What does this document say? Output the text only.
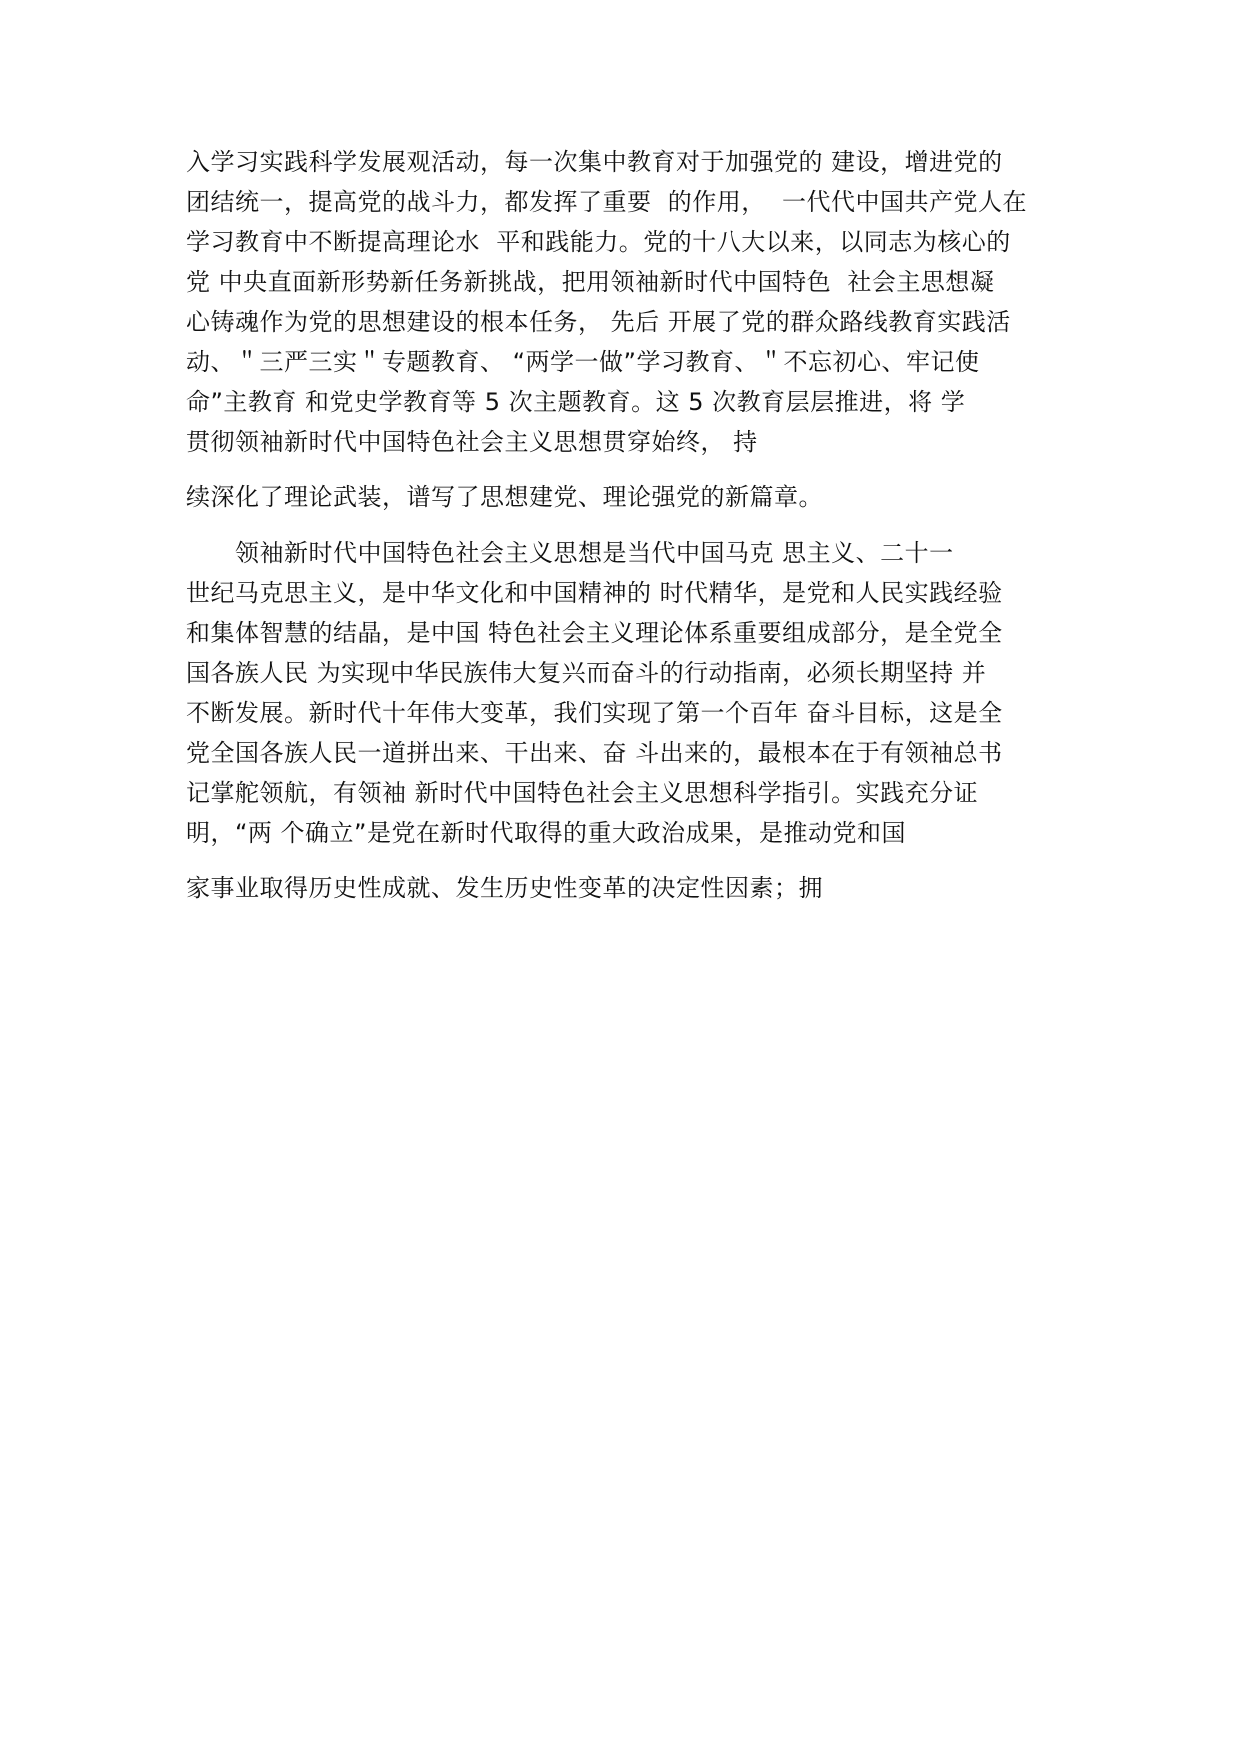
入学习实践科学发展观活动，每一次集中教育对于加强党的 建设，增进党的
团结统一，提高党的战斗力，都发挥了重要  的作用，  一代代中国共产党人在
学习教育中不断提高理论水  平和践能力。党的十八大以来，以同志为核心的
党 中央直面新形势新任务新挑战，把用领袖新时代中国特色  社会主思想凝
心铸魂作为党的思想建设的根本任务， 先后 开展了党的群众路线教育实践活
动、＂三严三实＂专题教育、 “两学一做”学习教育、＂不忘初心、牢记使
命”主教育 和党史学教育等 5 次主题教育。这 5 次教育层层推进，将 学
贯彻领袖新时代中国特色社会主义思想贯穿始终， 持
续深化了理论武装，谱写了思想建党、理论强党的新篇章。
　　领袖新时代中国特色社会主义思想是当代中国马克 思主义、二十一
世纪马克思主义，是中华文化和中国精神的 时代精华，是党和人民实践经验
和集体智慧的结晶，是中国 特色社会主义理论体系重要组成部分，是全党全
国各族人民 为实现中华民族伟大复兴而奋斗的行动指南，必须长期坚持 并
不断发展。新时代十年伟大变革，我们实现了第一个百年 奋斗目标，这是全
党全国各族人民一道拼出来、干出来、奋 斗出来的，最根本在于有领袖总书
记掌舵领航，有领袖 新时代中国特色社会主义思想科学指引。实践充分证
明，“两 个确立”是党在新时代取得的重大政治成果，是推动党和国
家事业取得历史性成就、发生历史性变革的决定性因素；拥
